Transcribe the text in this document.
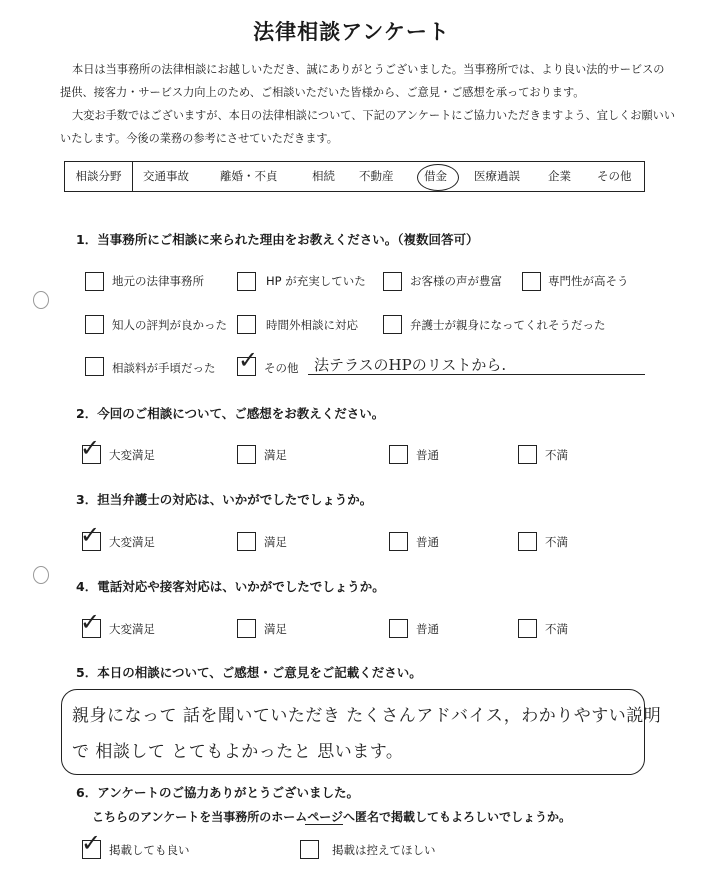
法律相談アンケート

本日は当事務所の法律相談にお越しいただき、誠にありがとうございました。当事務所では、より良い法的サービスの

提供、接客力・サービス力向上のため、ご相談いただいた皆様から、ご意見・ご感想を承っております。

大変お手数ではございますが、本日の法律相談について、下記のアンケートにご協力いただきますよう、宜しくお願いい

いたします。今後の業務の参考にさせていただきます。

相談分野	交通事故	離婚・不貞	相続 不動産	借金 医療過誤 企業 その他
1．当事務所にご相談に来られた理由をお教えください。（複数回答可）
地元の法律事務所	HP が充実していた	お客様の声が豊富	専門性が高そう
知人の評判が良かった	時間外相談に対応	弁護士が親身になってくれそうだった
相談料が手頃だった ✓ その他 法テラスのHPのリストから.
2．今回のご相談について、ご感想をお教えください。
✓ 大変満足	満足	普通	不満
3．担当弁護士の対応は、いかがでしたでしょうか。
✓ 大変満足	満足	普通	不満
4．電話対応や接客対応は、いかがでしたでしょうか。
✓ 大変満足	満足	普通	不満
5．本日の相談について、ご感想・ご意見をご記載ください。
親身になって 話を聞いていただき たくさんアドバイス，わかりやすい説明
で 相談して とてもよかったと 思います。
6．アンケートのご協力ありがとうございました。
こちらのアンケートを当事務所のホームページへ匿名で掲載してもよろしいでしょうか。
✓ 掲載しても良い	掲載は控えてほしい
